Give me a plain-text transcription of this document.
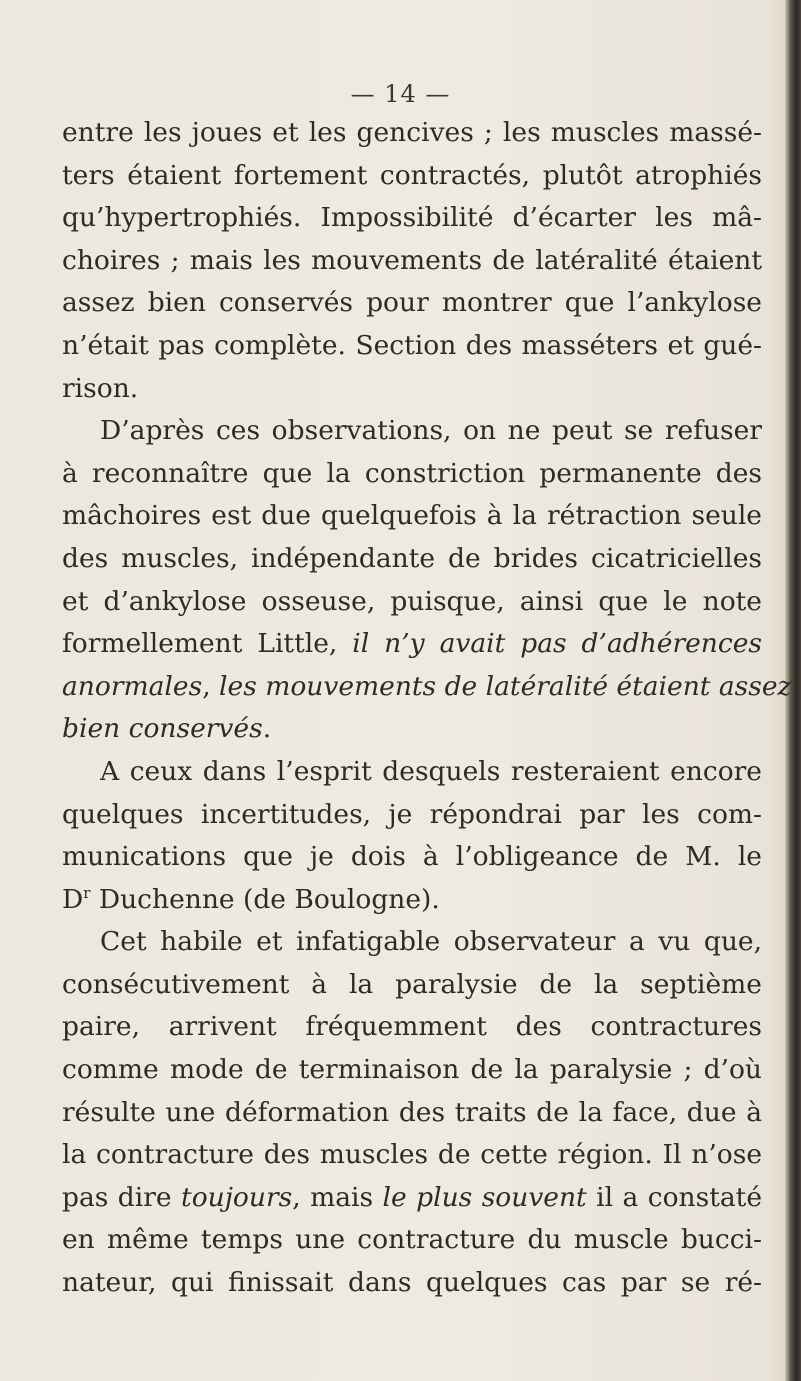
— 14 —
entre les joues et les gencives ; les muscles massé-
ters étaient fortement contractés, plutôt atrophiés
qu’hypertrophiés. Impossibilité d’écarter les mâ-
choires ; mais les mouvements de latéralité étaient
assez bien conservés pour montrer que l’ankylose
n’était pas complète. Section des masséters et gué-
rison.
D’après ces observations, on ne peut se refuser
à reconnaître que la constriction permanente des
mâchoires est due quelquefois à la rétraction seule
des muscles, indépendante de brides cicatricielles
et d’ankylose osseuse, puisque, ainsi que le note
formellement Little, il n’y avait pas d’adhérences
anormales, les mouvements de latéralité étaient assez
bien conservés.
A ceux dans l’esprit desquels resteraient encore
quelques incertitudes, je répondrai par les com-
munications que je dois à l’obligeance de M. le
$D^r$ Duchenne (de Boulogne).
Cet habile et infatigable observateur a vu que,
consécutivement à la paralysie de la septième
paire, arrivent fréquemment des contractures
comme mode de terminaison de la paralysie ; d’où
résulte une déformation des traits de la face, due à
la contracture des muscles de cette région. Il n’ose
pas dire toujours, mais le plus souvent il a constaté
en même temps une contracture du muscle bucci-
nateur, qui finissait dans quelques cas par se ré-
